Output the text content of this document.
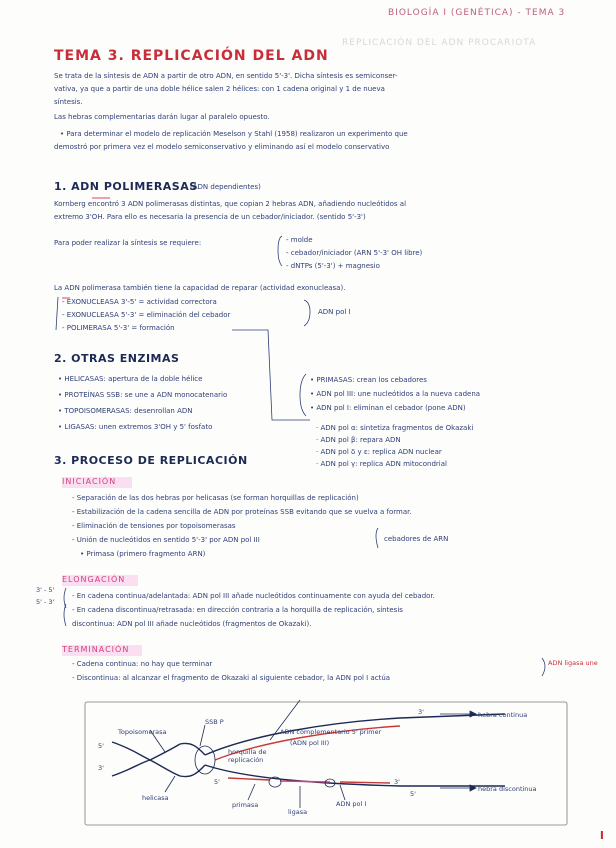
BIOLOGÍA I (GENÉTICA) - TEMA 3
REPLICACIÓN DEL ADN PROCARIOTA
TEMA 3. REPLICACIÓN DEL ADN
Se trata de la síntesis de ADN a partir de otro ADN, en sentido 5'-3'. Dicha síntesis es semiconser-
vativa, ya que a partir de una doble hélice salen 2 hélices: con 1 cadena original y 1 de nueva
síntesis.
Las hebras complementarias darán lugar al paralelo opuesto.
• Para determinar el modelo de replicación Meselson y Stahl (1958) realizaron un experimento que
demostró por primera vez el modelo semiconservativo y eliminando así el modelo conservativo
1. ADN POLIMERASAS
(ADN dependientes)
Kornberg encontró 3 ADN polimerasas distintas, que copian 2 hebras ADN, añadiendo nucleótidos al
extremo 3'OH. Para ello es necesaria la presencia de un cebador/iniciador. (sentido 5'-3')
Para poder realizar la síntesis se requiere:	- molde
- cebador/iniciador (ARN 5'-3' OH libre)
- dNTPs (5'-3') + magnesio
La ADN polimerasa también tiene la capacidad de reparar (actividad exonucleasa).
- EXONUCLEASA 3'-5' = actividad correctora
- EXONUCLEASA 5'-3' = eliminación del cebador
- POLIMERASA 5'-3' = formación
ADN pol I
2. OTRAS ENZIMAS
• HELICASAS: apertura de la doble hélice
• PROTEÍNAS SSB: se une a ADN monocatenario
• TOPOISOMERASAS: desenrollan ADN
• LIGASAS: unen extremos 3'OH y 5' fosfato
• PRIMASAS: crean los cebadores
• ADN pol III: une nucleótidos a la nueva cadena
• ADN pol I: eliminan el cebador (pone ADN)
· ADN pol α: sintetiza fragmentos de Okazaki
· ADN pol β: repara ADN
· ADN pol δ y ε: replica ADN nuclear
· ADN pol γ: replica ADN mitocondrial
3. PROCESO DE REPLICACIÓN
INICIACIÓN
- Separación de las dos hebras por helicasas (se forman horquillas de replicación)
- Estabilización de la cadena sencilla de ADN por proteínas SSB evitando que se vuelva a formar.
- Eliminación de tensiones por topoisomerasas
- Unión de nucleótidos en sentido 5'-3' por ADN pol III
• Primasa (primero fragmento ARN)
cebadores de ARN
ELONGACIÓN
3' - 5'
5' - 3'
- En cadena continua/adelantada: ADN pol III añade nucleótidos continuamente con ayuda del cebador.
- En cadena discontinua/retrasada: en dirección contraria a la horquilla de replicación, síntesis
discontinua: ADN pol III añade nucleótidos (fragmentos de Okazaki).
TERMINACIÓN
- Cadena continua: no hay que terminar
- Discontinua: al alcanzar el fragmento de Okazaki al siguiente cebador, la ADN pol I actúa
ADN ligasa une
Topoisomerasa
SSB P
5'
3'
3'	hebra continua
hebra discontinua
horquilla de replicación
ADN complementario 5' primer
(ADN pol III)
helicasa
primasa
ligasa
ADN pol I
5'	3'
5'
I
